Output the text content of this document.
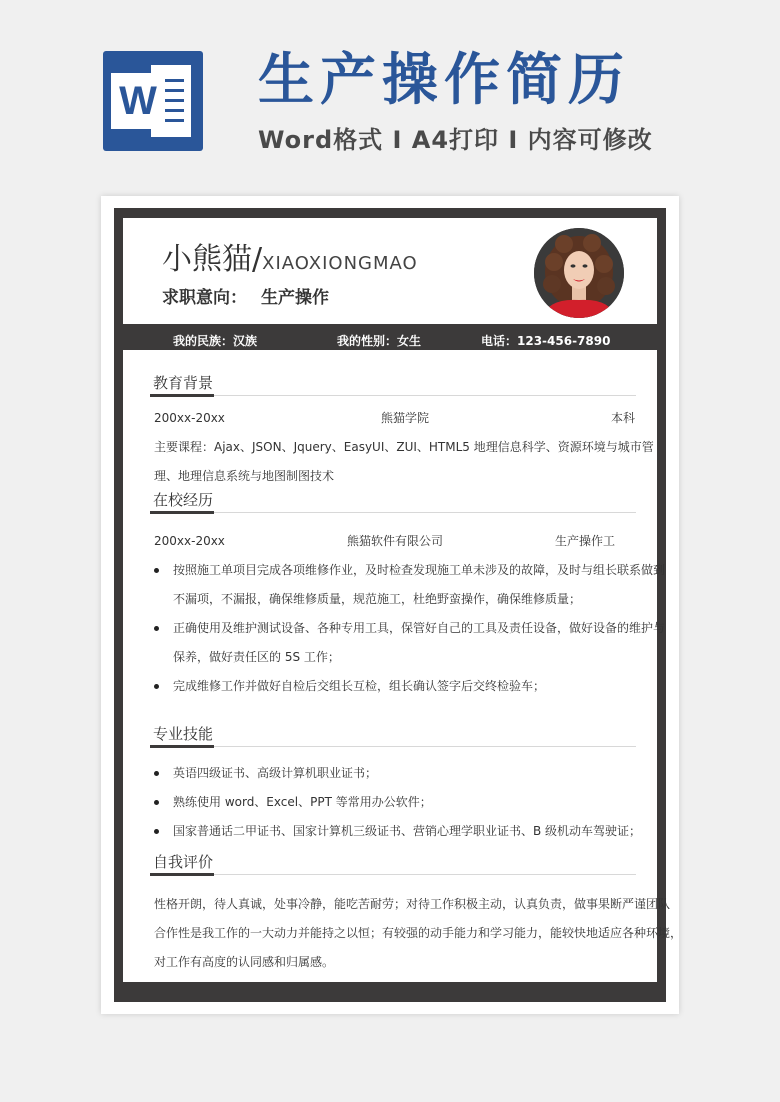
W 生产操作简历
Word格式 I A4打印 I 内容可修改
小熊猫/XIAOXIONGMAO
求职意向： 生产操作
我的民族：汉族	我的性别：女生	电话：123-456-7890
教育背景
200xx-20xx	熊猫学院	本科
主要课程：Ajax、JSON、Jquery、EasyUI、ZUI、HTML5 地理信息科学、资源环境与城市管
理、地理信息系统与地图制图技术
在校经历
200xx-20xx	熊猫软件有限公司	生产操作工
按照施工单项目完成各项维修作业，及时检查发现施工单未涉及的故障，及时与组长联系做到
不漏项，不漏报，确保维修质量，规范施工，杜绝野蛮操作，确保维修质量；
正确使用及维护测试设备、各种专用工具，保管好自己的工具及责任设备，做好设备的维护与
保养，做好责任区的 5S 工作；
完成维修工作并做好自检后交组长互检，组长确认签字后交终检验车；
专业技能
英语四级证书、高级计算机职业证书；
熟练使用 word、Excel、PPT 等常用办公软件；
国家普通话二甲证书、国家计算机三级证书、营销心理学职业证书、B 级机动车驾驶证；
自我评价
性格开朗，待人真诚，处事冷静，能吃苦耐劳；对待工作积极主动，认真负责，做事果断严谨团队
合作性是我工作的一大动力并能持之以恒；有较强的动手能力和学习能力，能较快地适应各种环境，
对工作有高度的认同感和归属感。
